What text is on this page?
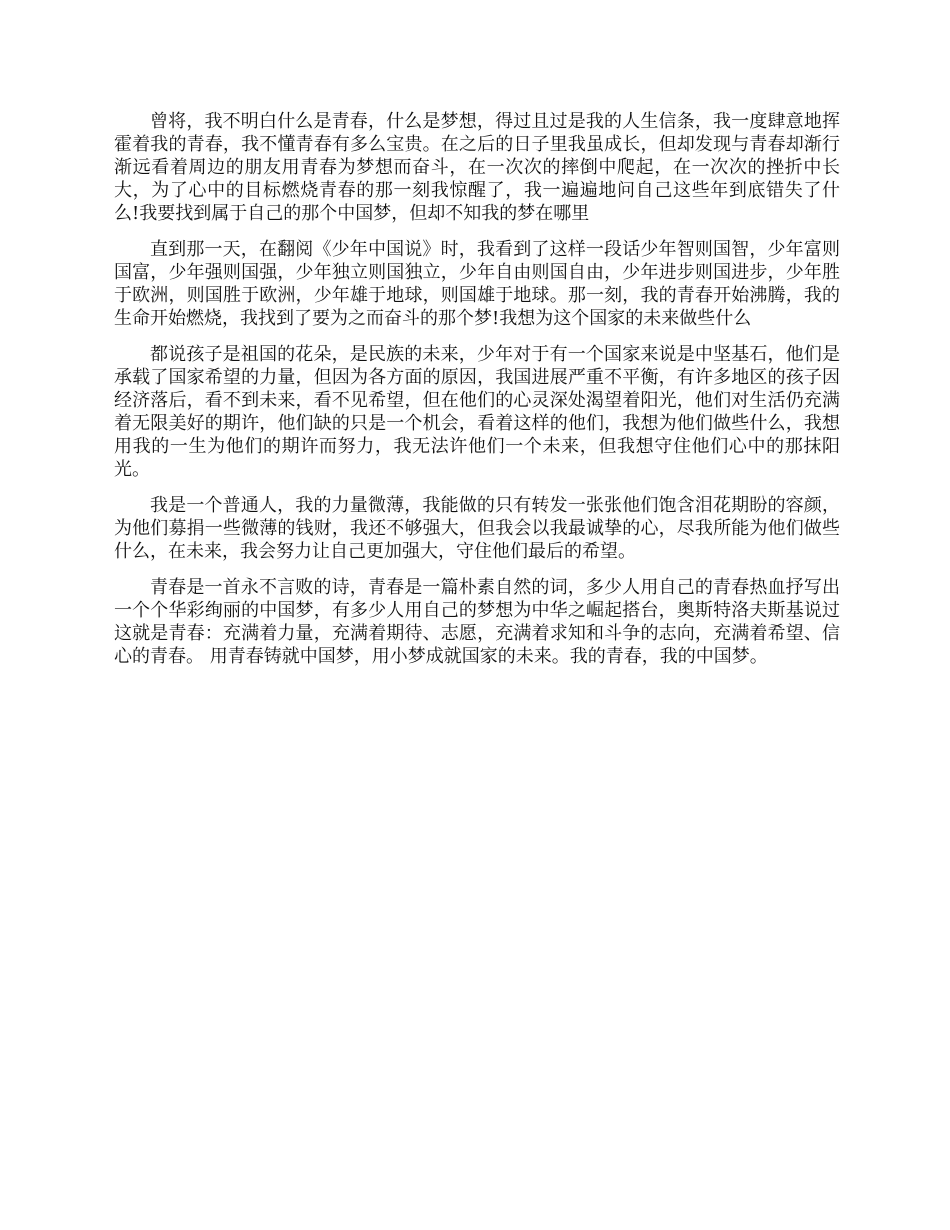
曾将，我不明白什么是青春，什么是梦想，得过且过是我的人生信条，我一度肆意地挥霍着我的青春，我不懂青春有多么宝贵。在之后的日子里我虽成长，但却发现与青春却渐行渐远看着周边的朋友用青春为梦想而奋斗，在一次次的摔倒中爬起，在一次次的挫折中长大，为了心中的目标燃烧青春的那一刻我惊醒了，我一遍遍地问自己这些年到底错失了什么!我要找到属于自己的那个中国梦，但却不知我的梦在哪里

直到那一天，在翻阅《少年中国说》时，我看到了这样一段话少年智则国智，少年富则国富，少年强则国强，少年独立则国独立，少年自由则国自由，少年进步则国进步，少年胜于欧洲，则国胜于欧洲，少年雄于地球，则国雄于地球。那一刻，我的青春开始沸腾，我的生命开始燃烧，我找到了要为之而奋斗的那个梦!我想为这个国家的未来做些什么

都说孩子是祖国的花朵，是民族的未来，少年对于有一个国家来说是中坚基石，他们是承载了国家希望的力量，但因为各方面的原因，我国进展严重不平衡，有许多地区的孩子因经济落后，看不到未来，看不见希望，但在他们的心灵深处渴望着阳光，他们对生活仍充满着无限美好的期许，他们缺的只是一个机会，看着这样的他们，我想为他们做些什么，我想用我的一生为他们的期许而努力，我无法许他们一个未来，但我想守住他们心中的那抹阳光。

我是一个普通人，我的力量微薄，我能做的只有转发一张张他们饱含泪花期盼的容颜，为他们募捐一些微薄的钱财，我还不够强大，但我会以我最诚挚的心，尽我所能为他们做些什么，在未来，我会努力让自己更加强大，守住他们最后的希望。

青春是一首永不言败的诗，青春是一篇朴素自然的词，多少人用自己的青春热血抒写出一个个华彩绚丽的中国梦，有多少人用自己的梦想为中华之崛起搭台，奥斯特洛夫斯基说过这就是青春：充满着力量，充满着期待、志愿，充满着求知和斗争的志向，充满着希望、信心的青春。 用青春铸就中国梦，用小梦成就国家的未来。我的青春，我的中国梦。
